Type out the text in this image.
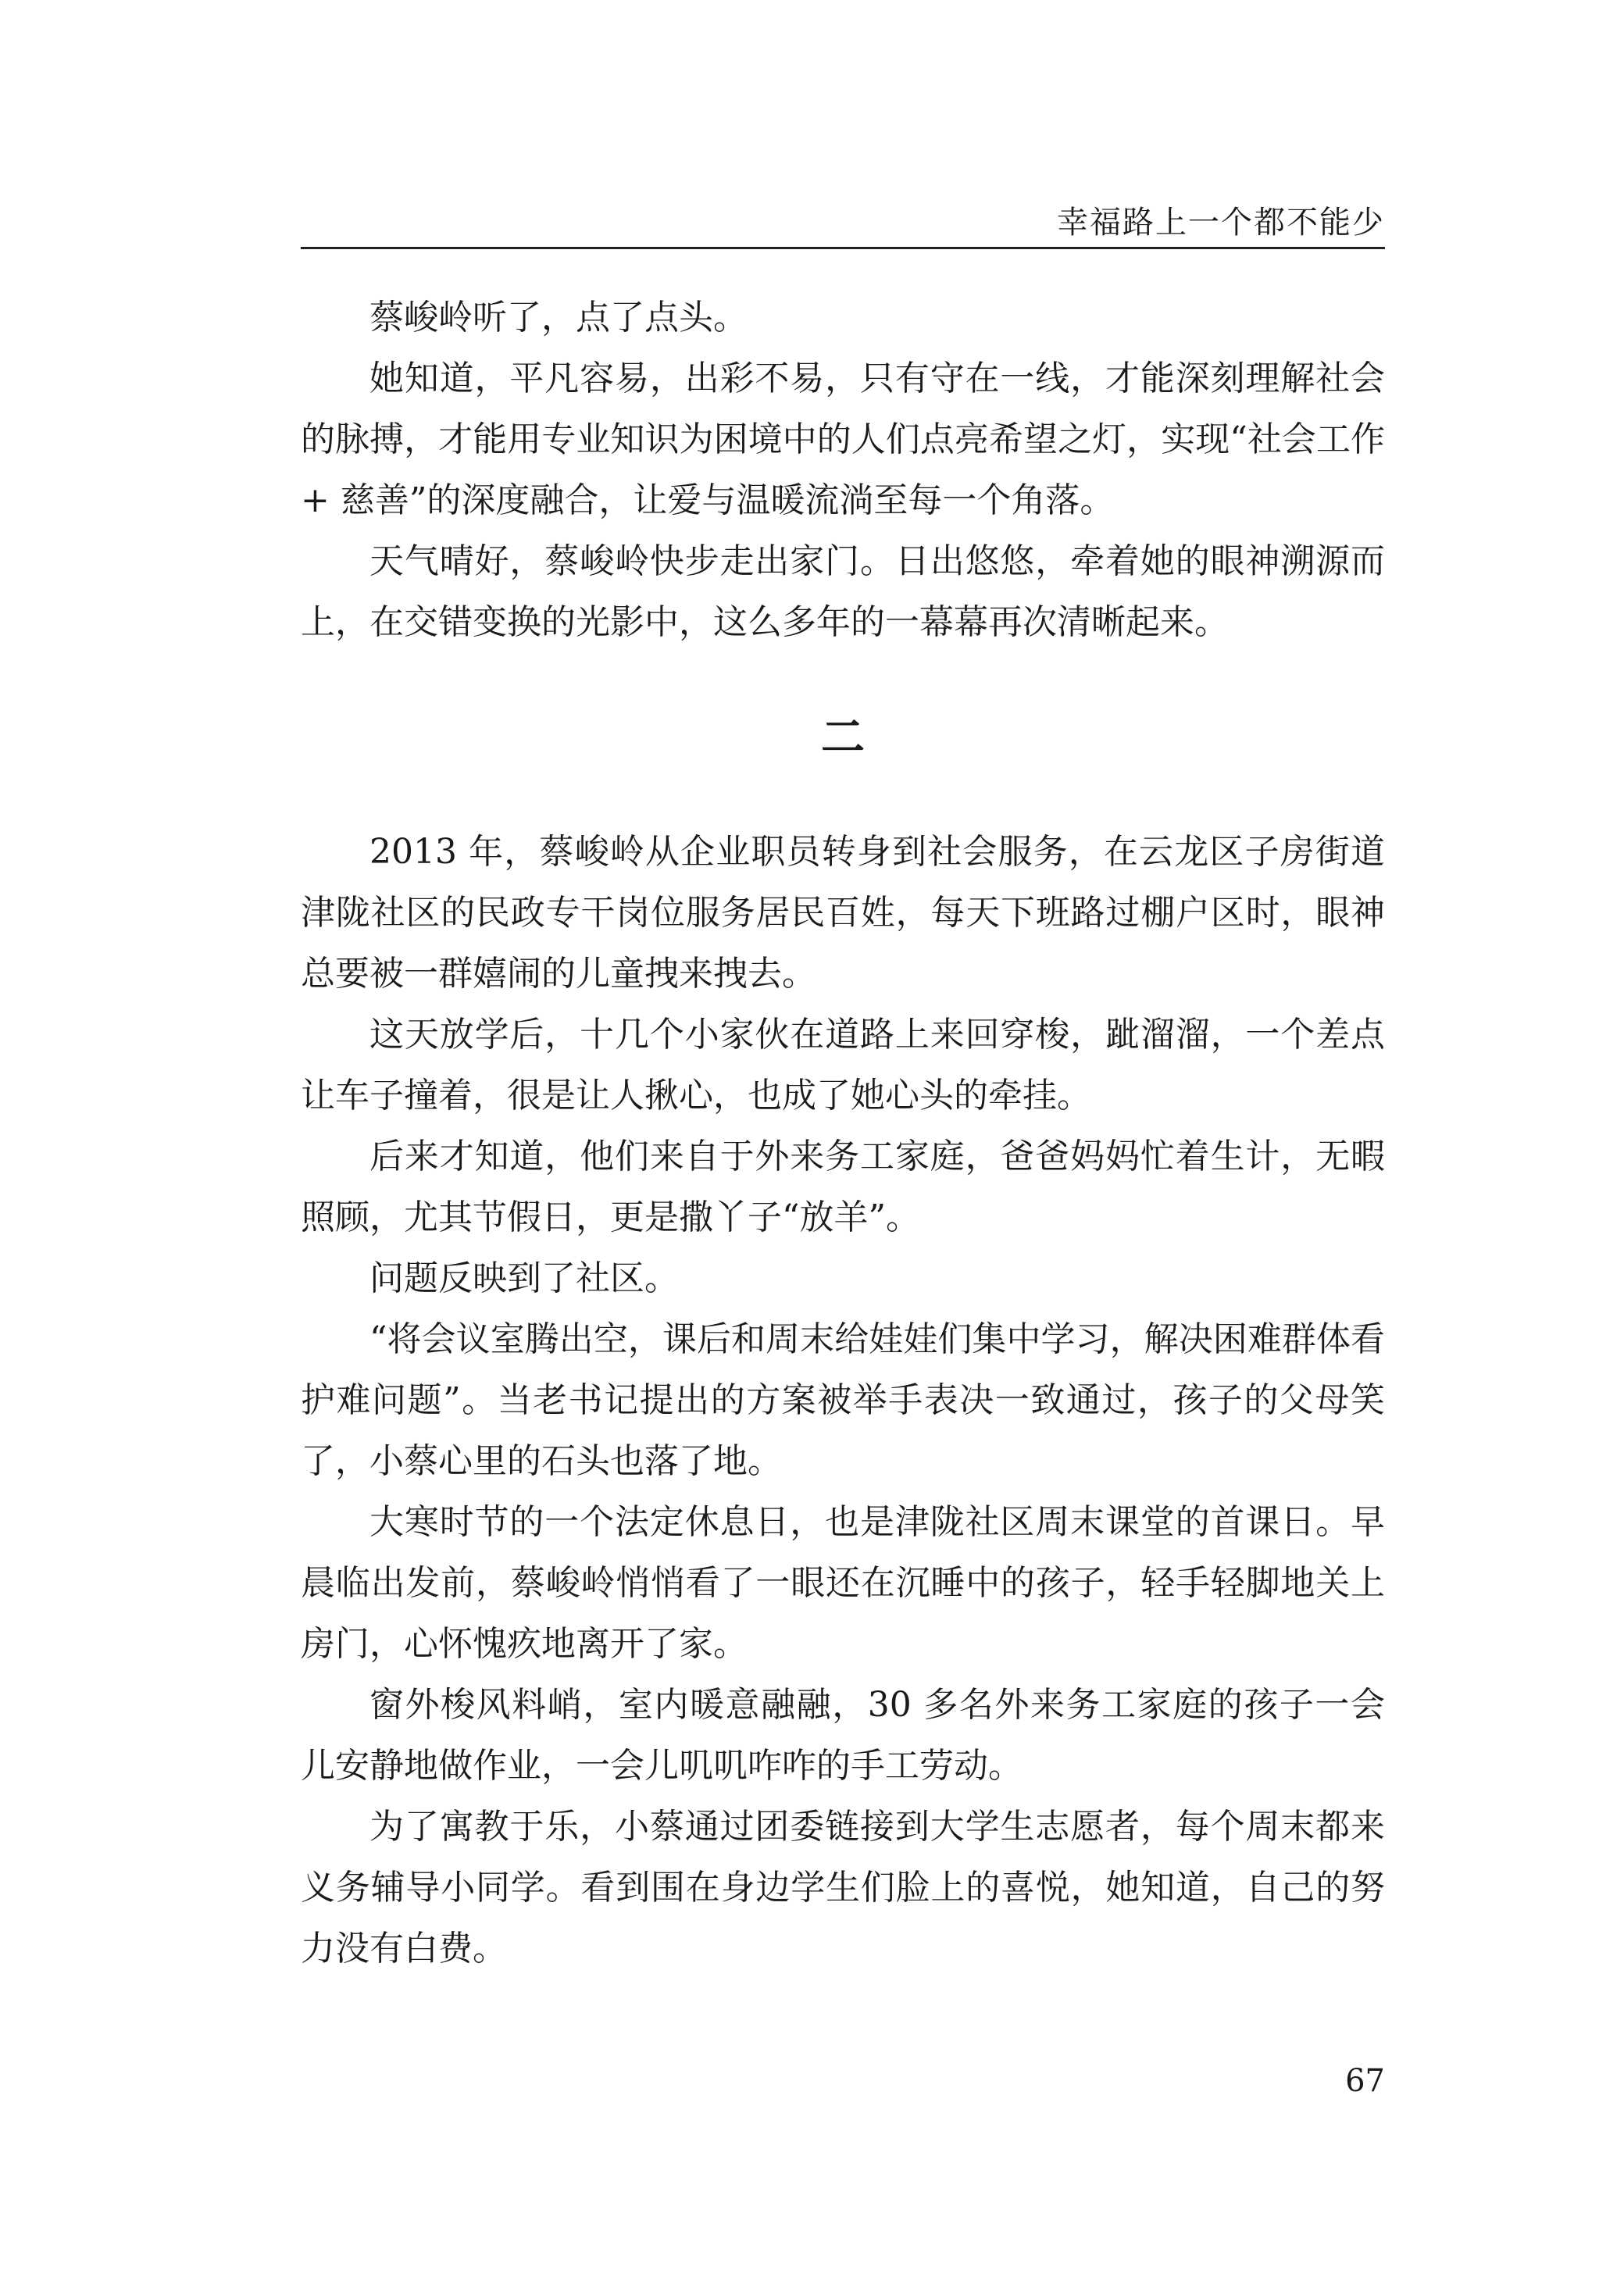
幸福路上一个都不能少

蔡峻岭听了，点了点头。

她知道，平凡容易，出彩不易，只有守在一线，才能深刻理解社会的脉搏，才能用专业知识为困境中的人们点亮希望之灯，实现“社会工作 + 慈善”的深度融合，让爱与温暖流淌至每一个角落。

天气晴好，蔡峻岭快步走出家门。日出悠悠，牵着她的眼神溯源而上，在交错变换的光影中，这么多年的一幕幕再次清晰起来。

二

2013 年，蔡峻岭从企业职员转身到社会服务，在云龙区子房街道津陇社区的民政专干岗位服务居民百姓，每天下班路过棚户区时，眼神总要被一群嬉闹的儿童拽来拽去。

这天放学后，十几个小家伙在道路上来回穿梭，跐溜溜，一个差点让车子撞着，很是让人揪心，也成了她心头的牵挂。

后来才知道，他们来自于外来务工家庭，爸爸妈妈忙着生计，无暇照顾，尤其节假日，更是撒丫子“放羊”。

问题反映到了社区。

“将会议室腾出空，课后和周末给娃娃们集中学习，解决困难群体看护难问题”。当老书记提出的方案被举手表决一致通过，孩子的父母笑了，小蔡心里的石头也落了地。

大寒时节的一个法定休息日，也是津陇社区周末课堂的首课日。早晨临出发前，蔡峻岭悄悄看了一眼还在沉睡中的孩子，轻手轻脚地关上房门，心怀愧疚地离开了家。

窗外梭风料峭，室内暖意融融，30 多名外来务工家庭的孩子一会儿安静地做作业，一会儿叽叽咋咋的手工劳动。

为了寓教于乐，小蔡通过团委链接到大学生志愿者，每个周末都来义务辅导小同学。看到围在身边学生们脸上的喜悦，她知道，自己的努力没有白费。

67
